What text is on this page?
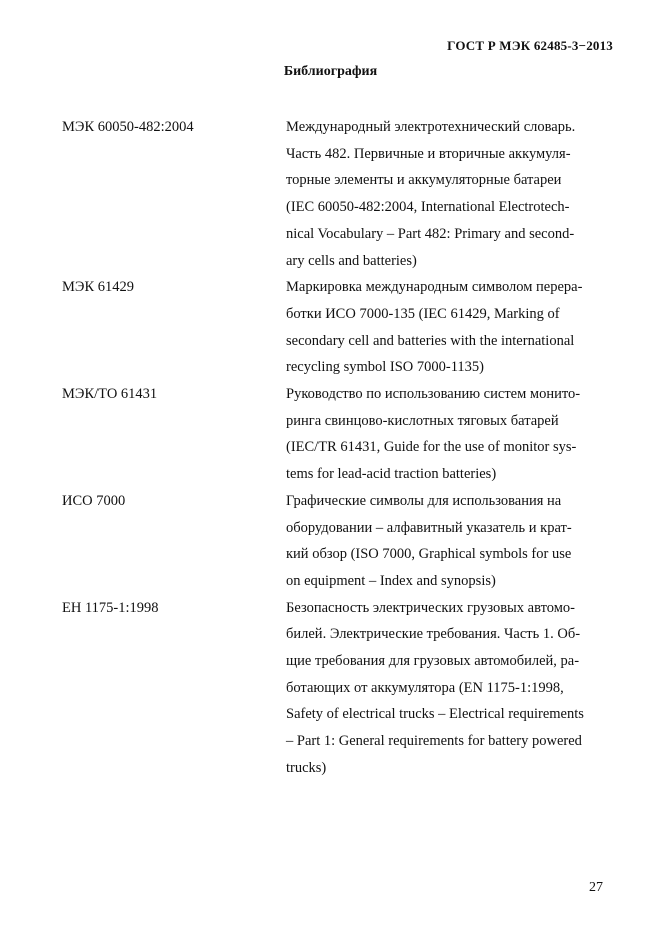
ГОСТ Р МЭК 62485-3−2013
Библиография
МЭК 60050-482:2004	Международный электротехнический словарь.
Часть 482. Первичные и вторичные аккумуля-
торные элементы и аккумуляторные батареи
(IEC 60050-482:2004, International Electrotech-
nical Vocabulary – Part 482: Primary and second-
ary cells and batteries)
МЭК 61429	Маркировка международным символом перера-
ботки ИСО 7000-135 (IEC 61429, Marking of
secondary cell and batteries with the international
recycling symbol ISO 7000-1135)
МЭК/ТО 61431	Руководство по использованию систем монито-
ринга свинцово-кислотных тяговых батарей
(IEC/TR 61431, Guide for the use of monitor sys-
tems for lead-acid traction batteries)
ИСО 7000	Графические символы для использования на
оборудовании – алфавитный указатель и крат-
кий обзор (ISO 7000, Graphical symbols for use
on equipment – Index and synopsis)
ЕН 1175-1:1998	Безопасность электрических грузовых автомо-
билей. Электрические требования. Часть 1. Об-
щие требования для грузовых автомобилей, ра-
ботающих от аккумулятора (EN 1175-1:1998,
Safety of electrical trucks – Electrical requirements
– Part 1: General requirements for battery powered
trucks)
27
